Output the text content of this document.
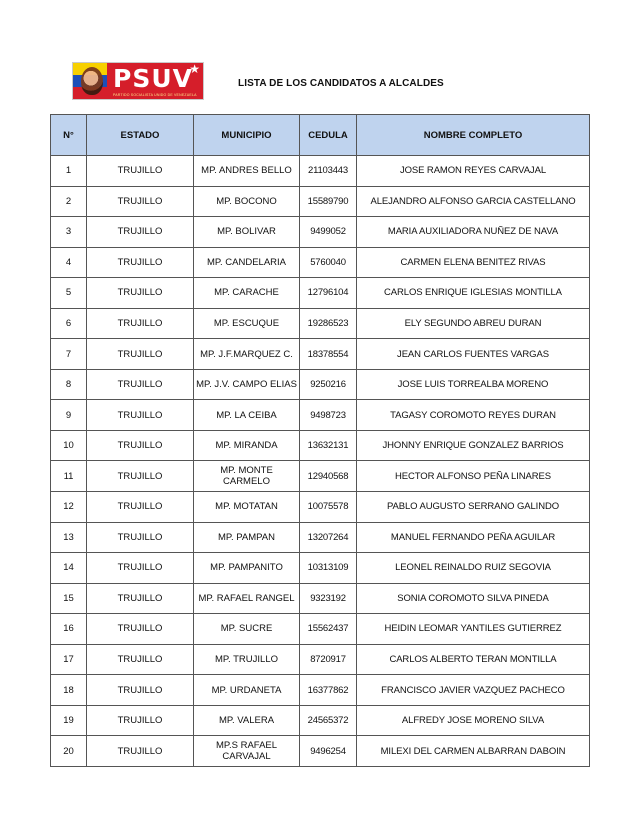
PSUV
★
PARTIDO SOCIALISTA UNIDO DE VENEZUELA
LISTA DE LOS CANDIDATOS A ALCALDES
N°	ESTADO	MUNICIPIO	CEDULA	NOMBRE COMPLETO
1	TRUJILLO	MP. ANDRES BELLO	21103443	JOSE RAMON REYES CARVAJAL
2	TRUJILLO	MP. BOCONO	15589790	ALEJANDRO ALFONSO GARCIA CASTELLANO
3	TRUJILLO	MP. BOLIVAR	9499052	MARIA AUXILIADORA NUÑEZ DE NAVA
4	TRUJILLO	MP. CANDELARIA	5760040	CARMEN ELENA BENITEZ RIVAS
5	TRUJILLO	MP. CARACHE	12796104	CARLOS ENRIQUE IGLESIAS MONTILLA
6	TRUJILLO	MP. ESCUQUE	19286523	ELY SEGUNDO ABREU DURAN
7	TRUJILLO	MP. J.F.MARQUEZ C.	18378554	JEAN CARLOS FUENTES VARGAS
8	TRUJILLO	MP. J.V. CAMPO ELIAS	9250216	JOSE LUIS TORREALBA MORENO
9	TRUJILLO	MP. LA CEIBA	9498723	TAGASY COROMOTO REYES DURAN
10	TRUJILLO	MP. MIRANDA	13632131	JHONNY ENRIQUE GONZALEZ BARRIOS
11	TRUJILLO	MP. MONTE CARMELO	12940568	HECTOR ALFONSO PEÑA LINARES
12	TRUJILLO	MP. MOTATAN	10075578	PABLO AUGUSTO SERRANO GALINDO
13	TRUJILLO	MP. PAMPAN	13207264	MANUEL FERNANDO PEÑA AGUILAR
14	TRUJILLO	MP. PAMPANITO	10313109	LEONEL REINALDO RUIZ SEGOVIA
15	TRUJILLO	MP. RAFAEL RANGEL	9323192	SONIA COROMOTO SILVA PINEDA
16	TRUJILLO	MP. SUCRE	15562437	HEIDIN LEOMAR YANTILES GUTIERREZ
17	TRUJILLO	MP. TRUJILLO	8720917	CARLOS ALBERTO TERAN MONTILLA
18	TRUJILLO	MP. URDANETA	16377862	FRANCISCO JAVIER VAZQUEZ PACHECO
19	TRUJILLO	MP. VALERA	24565372	ALFREDY JOSE MORENO SILVA
20	TRUJILLO	MP.S RAFAEL CARVAJAL	9496254	MILEXI DEL CARMEN ALBARRAN DABOIN
